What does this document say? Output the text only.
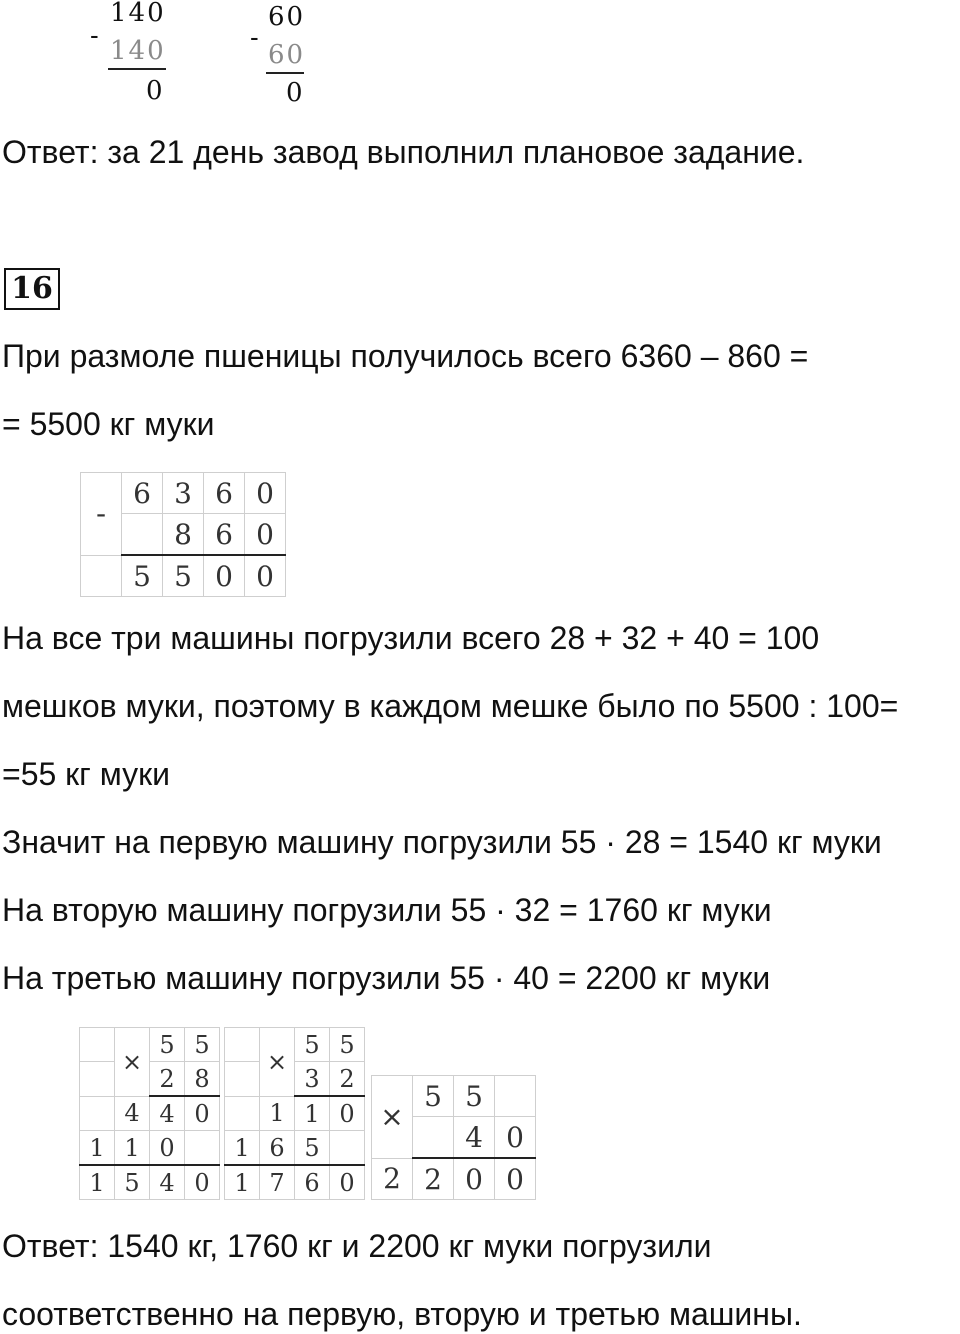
140
-
140
0
60
-
60
0
Ответ: за 21 день завод выполнил плановое задание.
16
При размоле пшеницы получилось всего 6360 – 860 =
= 5500 кг муки
-	6	3	6	0
		8	6	0
	5	5	0	0
На все три машины погрузили всего 28 + 32 + 40 = 100
мешков муки, поэтому в каждом мешке было по 5500 : 100=
=55 кг муки
Значит на первую машину погрузили 55 · 28 = 1540 кг муки
На вторую машину погрузили 55 · 32 = 1760 кг муки
На третью машину погрузили 55 · 40 = 2200 кг муки
	×	5	5
		2	8
	4	4	0
1	1	0	
1	5	4	0
	×	5	5
		3	2
	1	1	0
1	6	5	
1	7	6	0
×	5	5	
		4	0
2	2	0	0
Ответ: 1540 кг, 1760 кг и 2200 кг муки погрузили
соответственно на первую, вторую и третью машины.
